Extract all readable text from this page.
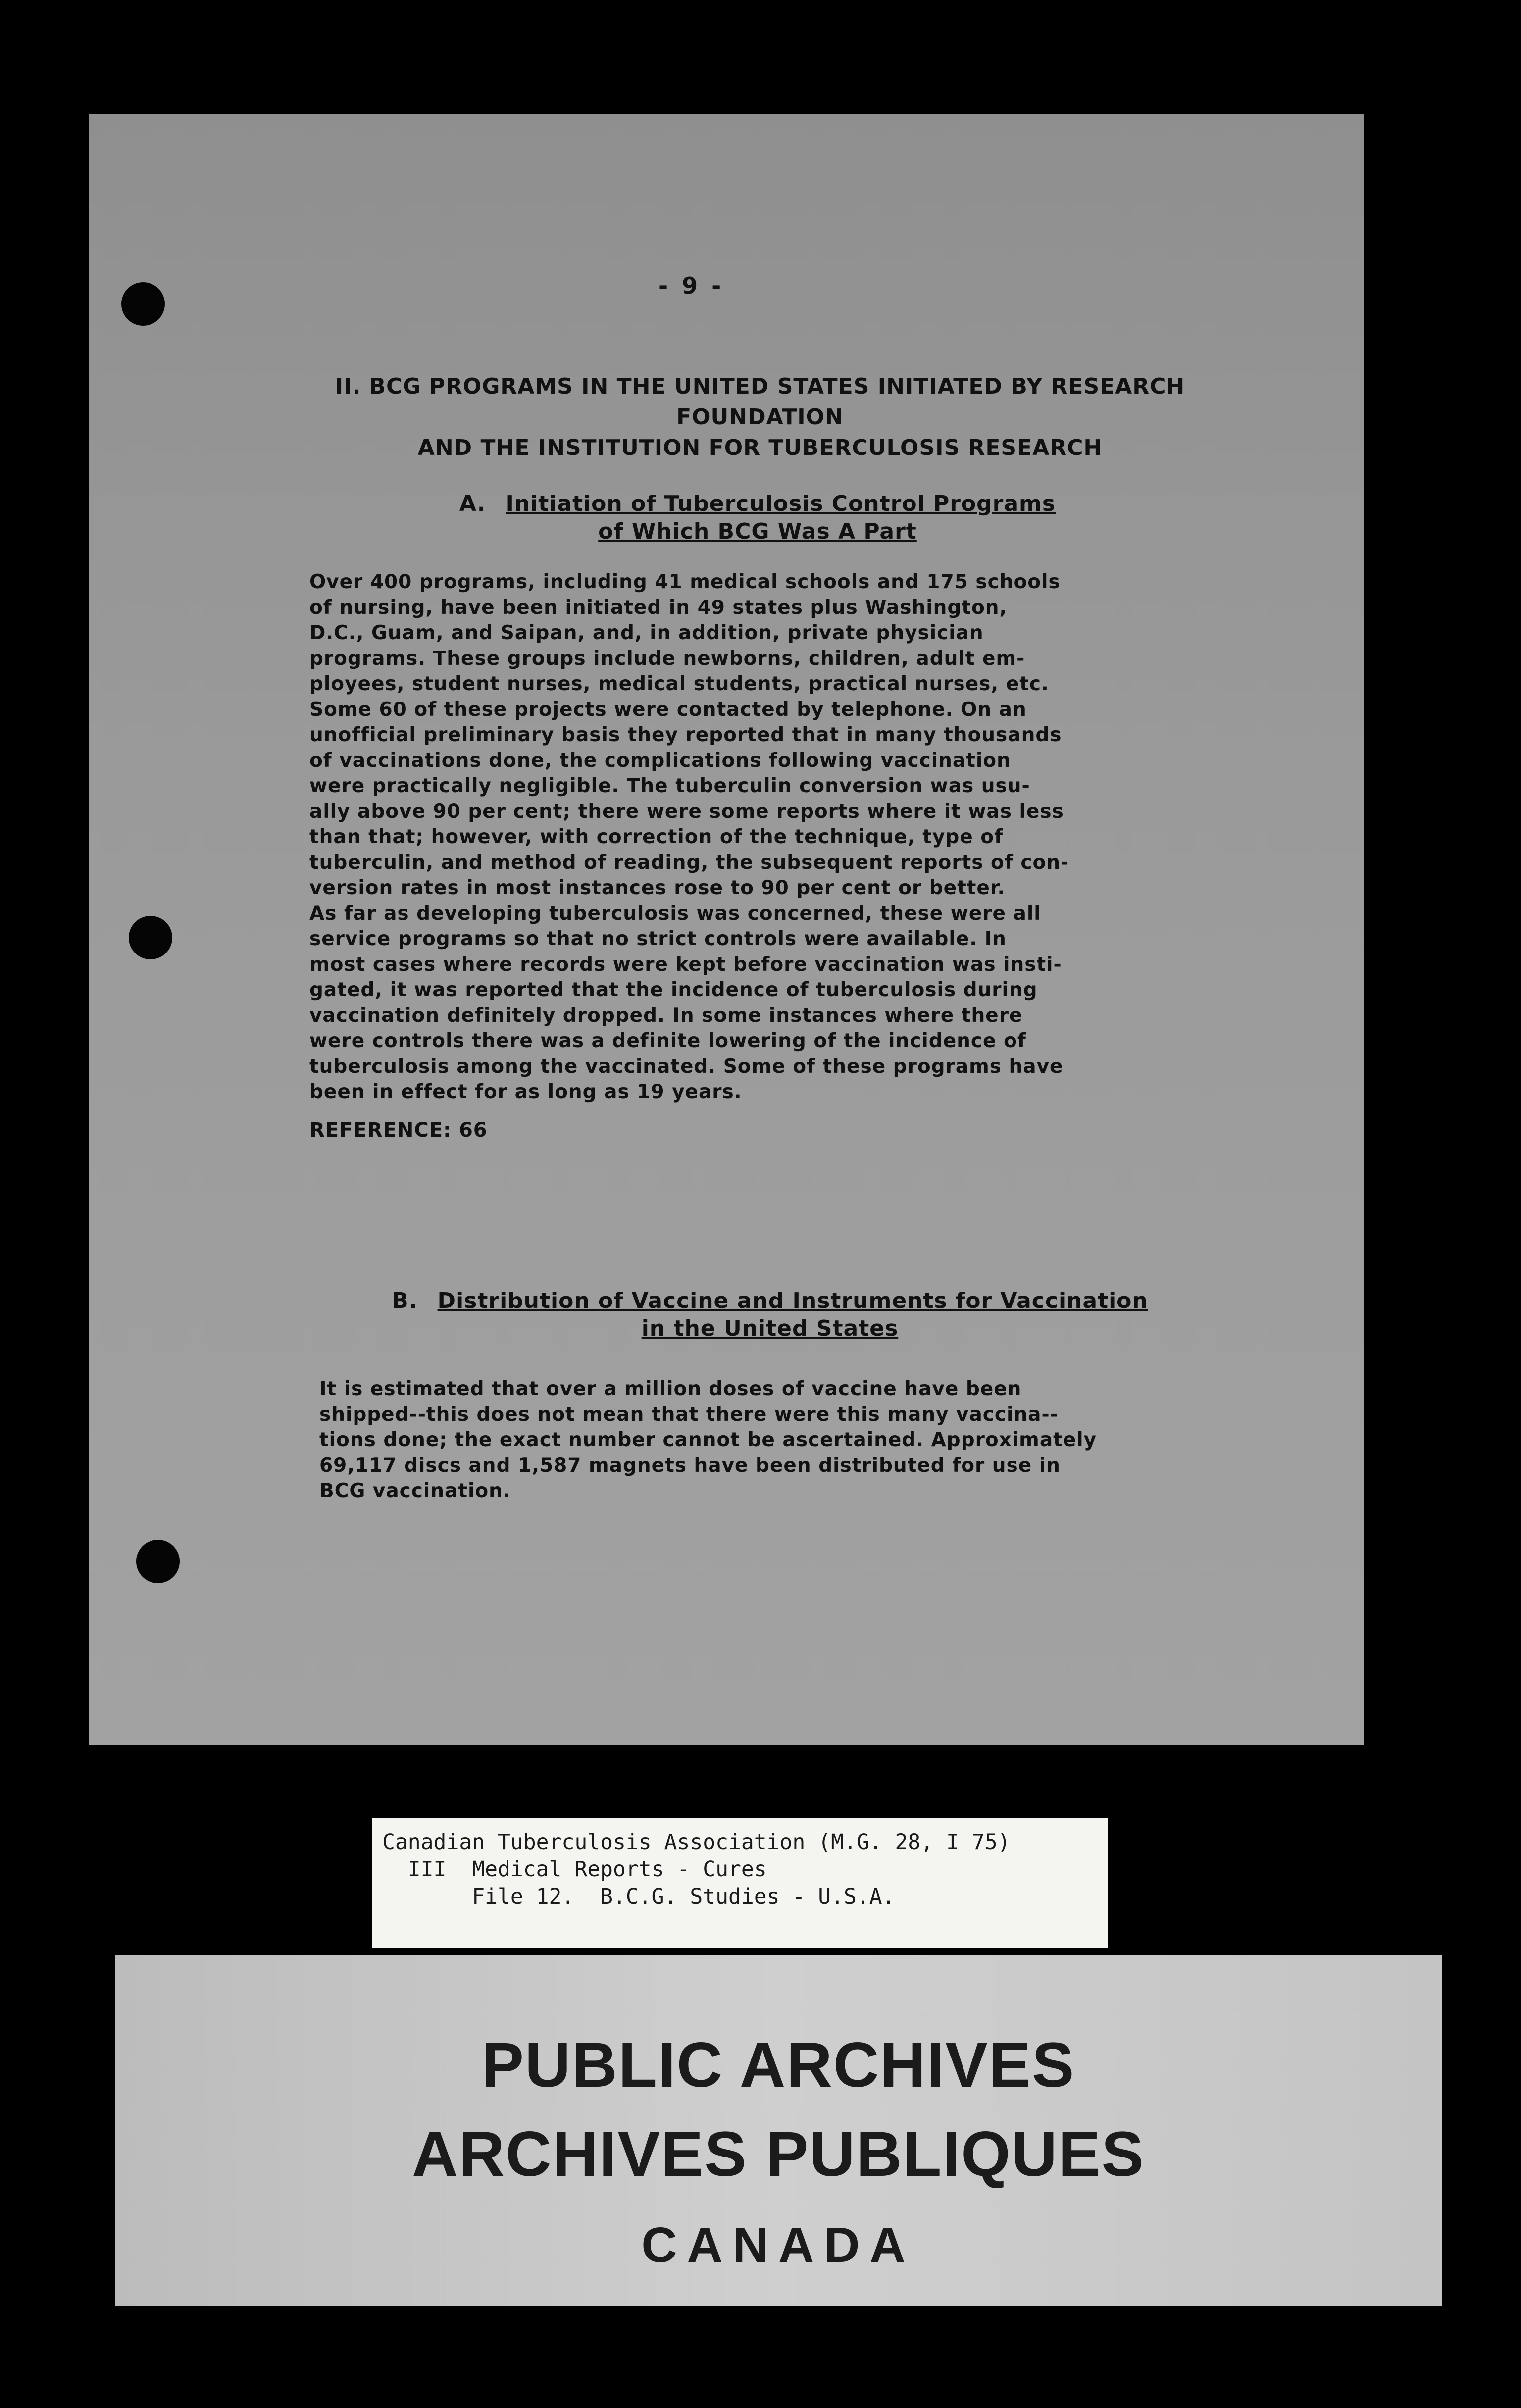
- 9 -
II. BCG PROGRAMS IN THE UNITED STATES INITIATED BY RESEARCH FOUNDATION
AND THE INSTITUTION FOR TUBERCULOSIS RESEARCH
A. Initiation of Tuberculosis Control Programs
of Which BCG Was A Part
Over 400 programs, including 41 medical schools and 175 schools
of nursing, have been initiated in 49 states plus Washington,
D.C., Guam, and Saipan, and, in addition, private physician
programs. These groups include newborns, children, adult em-
ployees, student nurses, medical students, practical nurses, etc.
Some 60 of these projects were contacted by telephone. On an
unofficial preliminary basis they reported that in many thousands
of vaccinations done, the complications following vaccination
were practically negligible. The tuberculin conversion was usu-
ally above 90 per cent; there were some reports where it was less
than that; however, with correction of the technique, type of
tuberculin, and method of reading, the subsequent reports of con-
version rates in most instances rose to 90 per cent or better.
As far as developing tuberculosis was concerned, these were all
service programs so that no strict controls were available. In
most cases where records were kept before vaccination was insti-
gated, it was reported that the incidence of tuberculosis during
vaccination definitely dropped. In some instances where there
were controls there was a definite lowering of the incidence of
tuberculosis among the vaccinated. Some of these programs have
been in effect for as long as 19 years.
REFERENCE: 66
B. Distribution of Vaccine and Instruments for Vaccination
in the United States
It is estimated that over a million doses of vaccine have been
shipped--this does not mean that there were this many vaccina--
tions done; the exact number cannot be ascertained. Approximately
69,117 discs and 1,587 magnets have been distributed for use in
BCG vaccination.
Canadian Tuberculosis Association (M.G. 28, I 75)
III  Medical Reports - Cures
File 12.  B.C.G. Studies - U.S.A.
PUBLIC ARCHIVES
ARCHIVES PUBLIQUES
CANADA
